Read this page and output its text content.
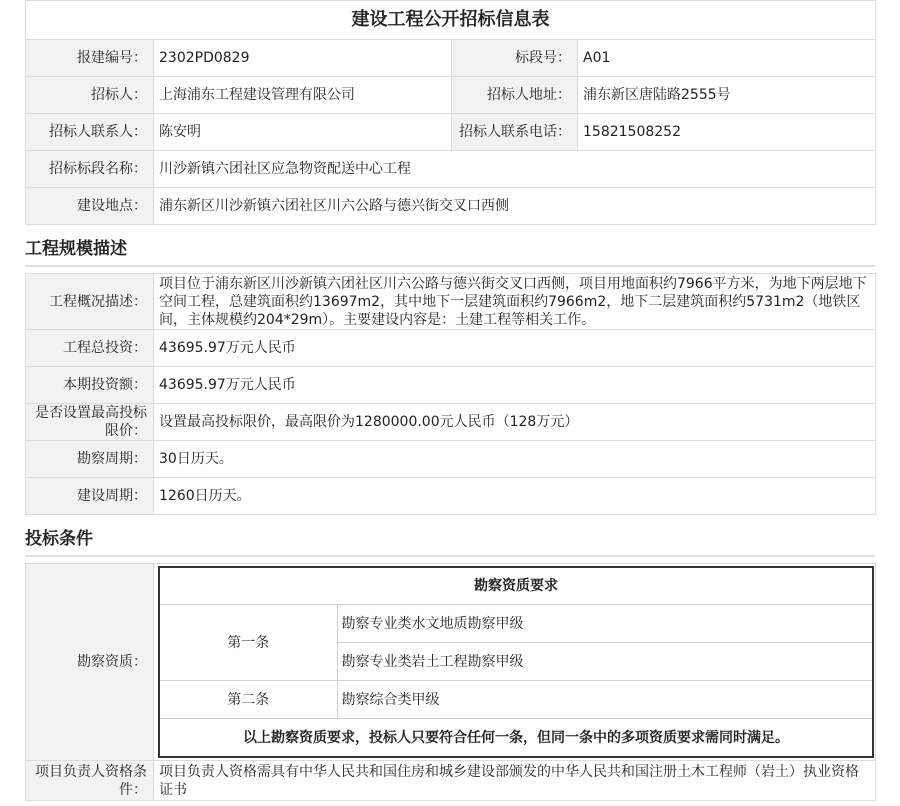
建设工程公开招标信息表			
报建编号：	2302PD0829	标段号：	A01
招标人：	上海浦东工程建设管理有限公司	招标人地址：	浦东新区唐陆路2555号
招标人联系人：	陈安明	招标人联系电话：	15821508252
招标标段名称：	川沙新镇六团社区应急物资配送中心工程		
建设地点：	浦东新区川沙新镇六团社区川六公路与德兴街交叉口西侧		
工程规模描述
工程概况描述：	项目位于浦东新区川沙新镇六团社区川六公路与德兴街交叉口西侧，项目用地面积约7966平方米，为地下两层地下空间工程，总建筑面积约13697m2，其中地下一层建筑面积约7966m2，地下二层建筑面积约5731m2（地铁区间，主体规模约204*29m）。主要建设内容是：土建工程等相关工作。
工程总投资：	43695.97万元人民币
本期投资额：	43695.97万元人民币
是否设置最高投标限价：	设置最高投标限价，最高限价为1280000.00元人民币（128万元）
勘察周期：	30日历天。
建设周期：	1260日历天。
投标条件
勘察资质：	
勘察资质要求
第一条	勘察专业类水文地质勘察甲级
勘察专业类岩土工程勘察甲级
第二条	勘察综合类甲级
以上勘察资质要求，投标人只要符合任何一条，但同一条中的多项资质要求需同时满足。

项目负责人资格条件：	项目负责人资格需具有中华人民共和国住房和城乡建设部颁发的中华人民共和国注册土木工程师（岩土）执业资格证书
